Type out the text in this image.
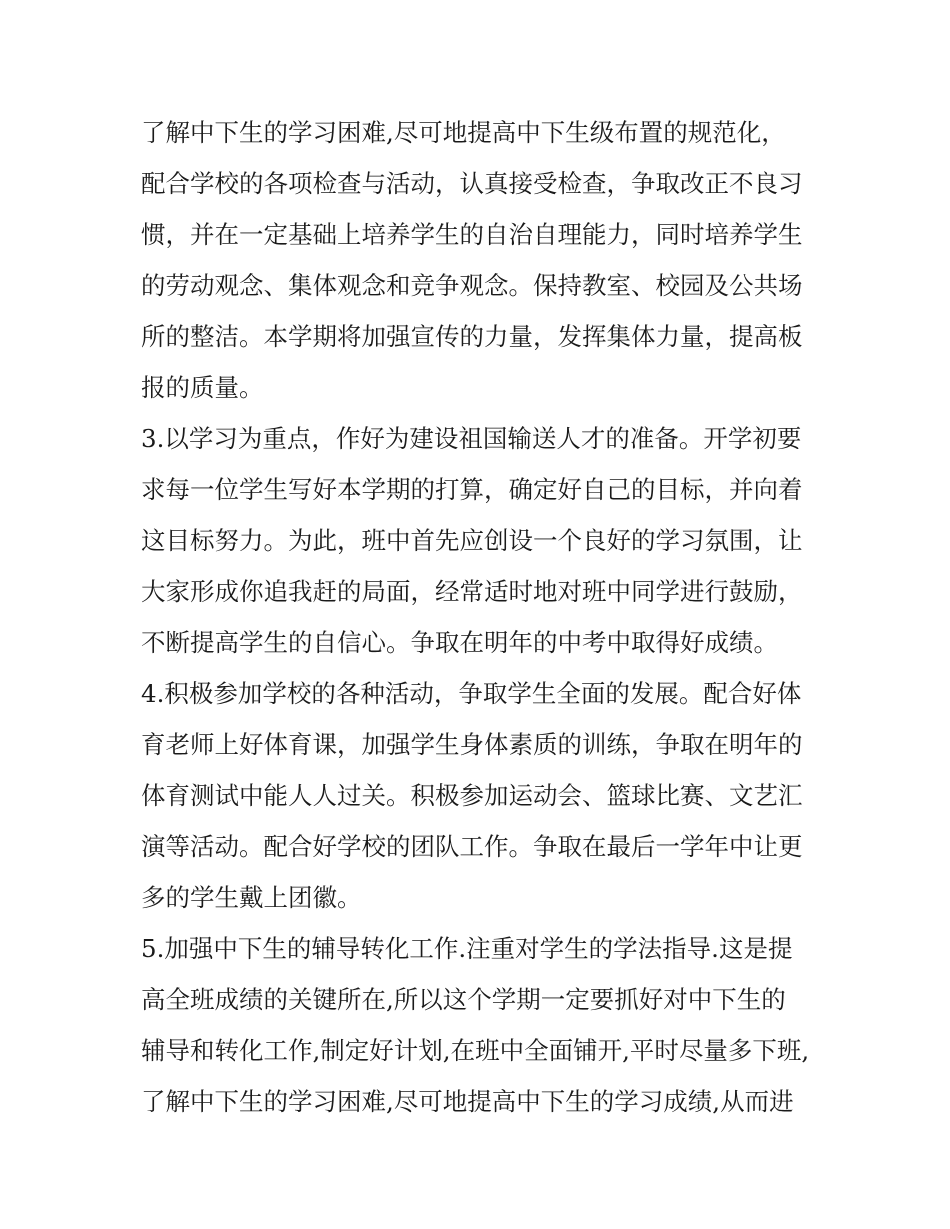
了解中下生的学习困难,尽可地提高中下生级布置的规范化，
配合学校的各项检查与活动，认真接受检查，争取改正不良习
惯，并在一定基础上培养学生的自治自理能力，同时培养学生
的劳动观念、集体观念和竞争观念。保持教室、校园及公共场
所的整洁。本学期将加强宣传的力量，发挥集体力量，提高板
报的质量。
3.以学习为重点，作好为建设祖国输送人才的准备。开学初要
求每一位学生写好本学期的打算，确定好自己的目标，并向着
这目标努力。为此，班中首先应创设一个良好的学习氛围，让
大家形成你追我赶的局面，经常适时地对班中同学进行鼓励，
不断提高学生的自信心。争取在明年的中考中取得好成绩。
4.积极参加学校的各种活动，争取学生全面的发展。配合好体
育老师上好体育课，加强学生身体素质的训练，争取在明年的
体育测试中能人人过关。积极参加运动会、篮球比赛、文艺汇
演等活动。配合好学校的团队工作。争取在最后一学年中让更
多的学生戴上团徽。
5.加强中下生的辅导转化工作.注重对学生的学法指导.这是提
高全班成绩的关键所在,所以这个学期一定要抓好对中下生的
辅导和转化工作,制定好计划,在班中全面铺开,平时尽量多下班,
了解中下生的学习困难,尽可地提高中下生的学习成绩,从而进
